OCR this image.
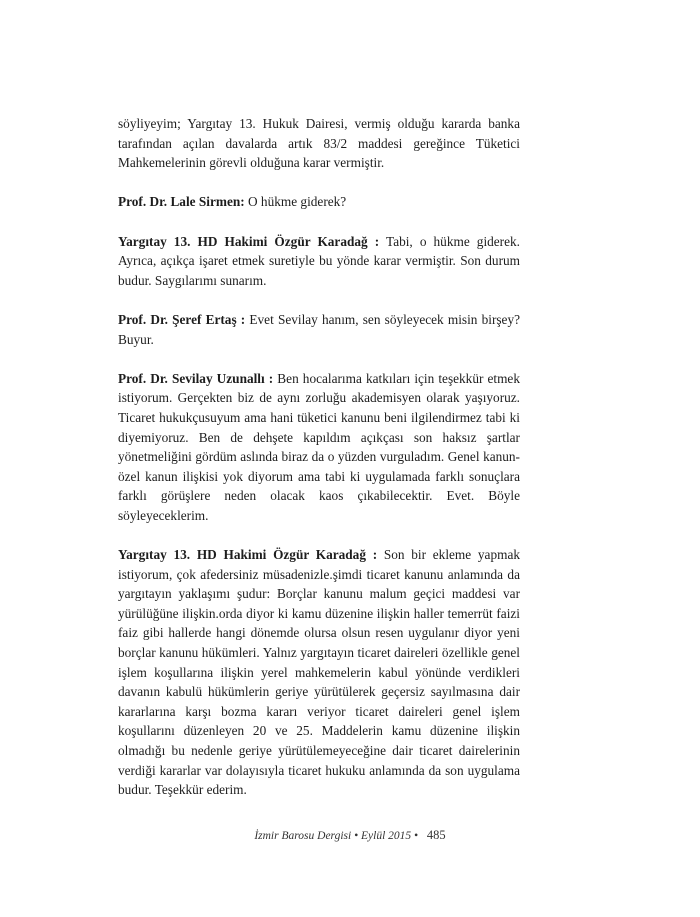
söyliyeyim; Yargıtay 13. Hukuk Dairesi, vermiş olduğu kararda banka tarafından açılan davalarda artık 83/2 maddesi gereğince Tüketici Mahkemelerinin görevli olduğuna karar vermiştir.

Prof. Dr. Lale Sirmen: O hükme giderek?

Yargıtay 13. HD Hakimi Özgür Karadağ : Tabi, o hükme giderek. Ayrıca, açıkça işaret etmek suretiyle bu yönde karar vermiştir. Son durum budur. Saygılarımı sunarım.

Prof. Dr. Şeref Ertaş : Evet Sevilay hanım, sen söyleyecek misin birşey? Buyur.

Prof. Dr. Sevilay Uzunallı : Ben hocalarıma katkıları için teşekkür etmek istiyorum. Gerçekten biz de aynı zorluğu akademisyen olarak yaşıyoruz. Ticaret hukukçusuyum ama hani tüketici kanunu beni ilgilendirmez tabi ki diyemiyoruz. Ben de dehşete kapıldım açıkçası son haksız şartlar yönetmeliğini gördüm aslında biraz da o yüzden vurguladım. Genel kanun-özel kanun ilişkisi yok diyorum ama tabi ki uygulamada farklı sonuçlara farklı görüşlere neden olacak kaos çıkabilecektir. Evet. Böyle söyleyeceklerim.

Yargıtay 13. HD Hakimi Özgür Karadağ : Son bir ekleme yapmak istiyorum, çok afedersiniz müsadenizle.şimdi ticaret kanunu anlamında da yargıtayın yaklaşımı şudur: Borçlar kanunu malum geçici maddesi var yürülüğüne ilişkin.orda diyor ki kamu düzenine ilişkin haller temerrüt faizi faiz gibi hallerde hangi dönemde olursa olsun resen uygulanır diyor yeni borçlar kanunu hükümleri. Yalnız yargıtayın ticaret daireleri özellikle genel işlem koşullarına ilişkin yerel mahkemelerin kabul yönünde verdikleri davanın kabulü hükümlerin geriye yürütülerek geçersiz sayılmasına dair kararlarına karşı bozma kararı veriyor ticaret daireleri genel işlem koşullarını düzenleyen 20 ve 25. Maddelerin kamu düzenine ilişkin olmadığı bu nedenle geriye yürütülemeyeceğine dair ticaret dairelerinin verdiği kararlar var dolayısıyla ticaret hukuku anlamında da son uygulama budur. Teşekkür ederim.

İzmir Barosu Dergisi • Eylül 2015 • 485
